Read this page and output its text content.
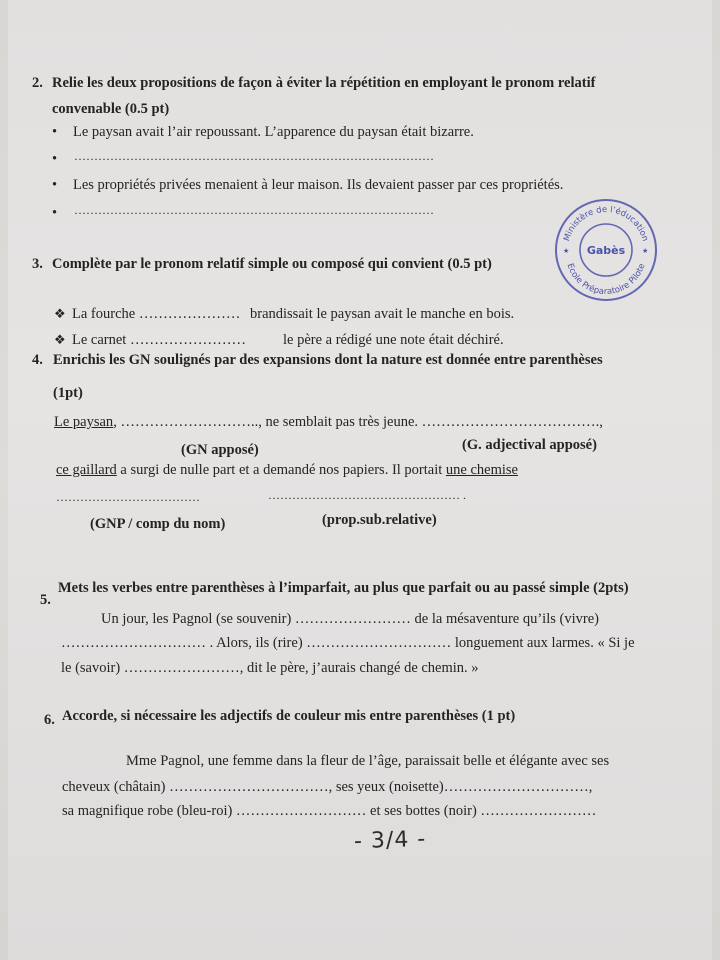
2. Relie les deux propositions de façon à éviter la répétition en employant le pronom relatif
convenable (0.5 pt)
• Le paysan avait l’air repoussant. L’apparence du paysan était bizarre.
• ………………………………………………………………………………
• Les propriétés privées menaient à leur maison. Ils devaient passer par ces propriétés.
• ………………………………………………………………………………
Ministère de l’éducation
Ecole Préparatoire Pilote
Gabès
★	★
3. Complète par le pronom relatif simple ou composé qui convient (0.5 pt)
❖ La fourche ………………… brandissait le paysan avait le manche en bois.
❖ Le carnet ……………………	le père a rédigé une note était déchiré.
4. Enrichis les GN soulignés par des expansions dont la nature est donnée entre parenthèses
(1pt)
Le paysan, ……………………….., ne semblait pas très jeune. ……………………………….,
(GN apposé)	(G. adjectival apposé)
ce gaillard a surgi de nulle part et a demandé nos papiers. Il portait une chemise
………………………………	………………………………………… .
(GNP / comp du nom)	(prop.sub.relative)
5.
Mets les verbes entre parenthèses à l’imparfait, au plus que parfait ou au passé simple (2pts)
Un jour, les Pagnol (se souvenir) …………………… de la mésaventure qu’ils (vivre)
………………………… . Alors, ils (rire) ………………………… longuement aux larmes. « Si je
le (savoir) ……………………, dit le père, j’aurais changé de chemin. »
6. Accorde, si nécessaire les adjectifs de couleur mis entre parenthèses (1 pt)
Mme Pagnol, une femme dans la fleur de l’âge, paraissait belle et élégante avec ses
cheveux (châtain) ……………………………, ses yeux (noisette)…………………………,
sa magnifique robe (bleu-roi) ……………………… et ses bottes (noir) ……………………
- 3/4 -
